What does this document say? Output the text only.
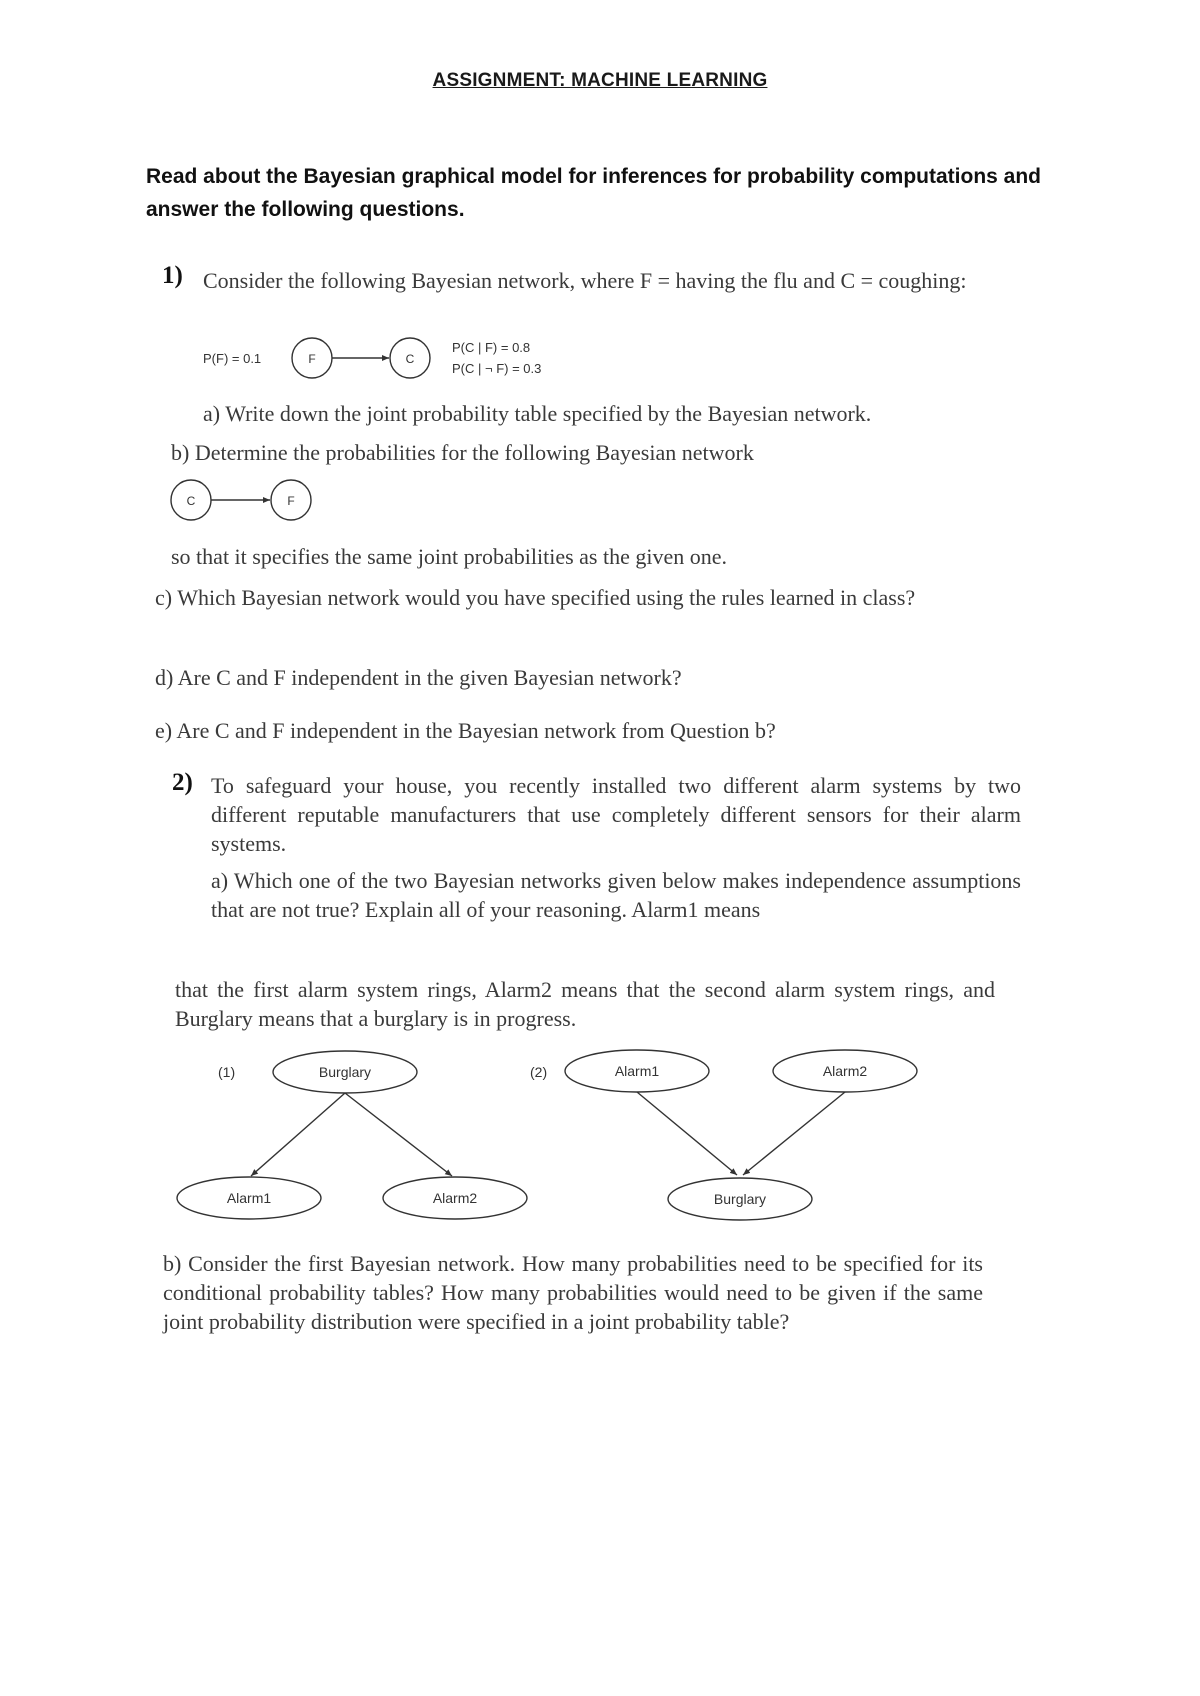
ASSIGNMENT: MACHINE LEARNING
Read about the Bayesian graphical model for inferences for probability computations and answer the following questions.
1) Consider the following Bayesian network, where F = having the flu and C = coughing:
P(F) = 0.1	F	C
P(C | F) = 0.8
P(C | ¬ F) = 0.3
C	F
(1)	Burglary
Alarm1	Alarm2
(2)	Alarm1	Alarm2
Burglary
a) Write down the joint probability table specified by the Bayesian network.
b) Determine the probabilities for the following Bayesian network
so that it specifies the same joint probabilities as the given one.
c) Which Bayesian network would you have specified using the rules learned in class?
d) Are C and F independent in the given Bayesian network?
e) Are C and F independent in the Bayesian network from Question b?
2) To safeguard your house, you recently installed two different alarm systems by two different reputable manufacturers that use completely different sensors for their alarm systems.
a) Which one of the two Bayesian networks given below makes independence assumptions that are not true? Explain all of your reasoning. Alarm1 means
that the first alarm system rings, Alarm2 means that the second alarm system rings, and Burglary means that a burglary is in progress.
b) Consider the first Bayesian network. How many probabilities need to be specified for its conditional probability tables? How many probabilities would need to be given if the same joint probability distribution were specified in a joint probability table?
